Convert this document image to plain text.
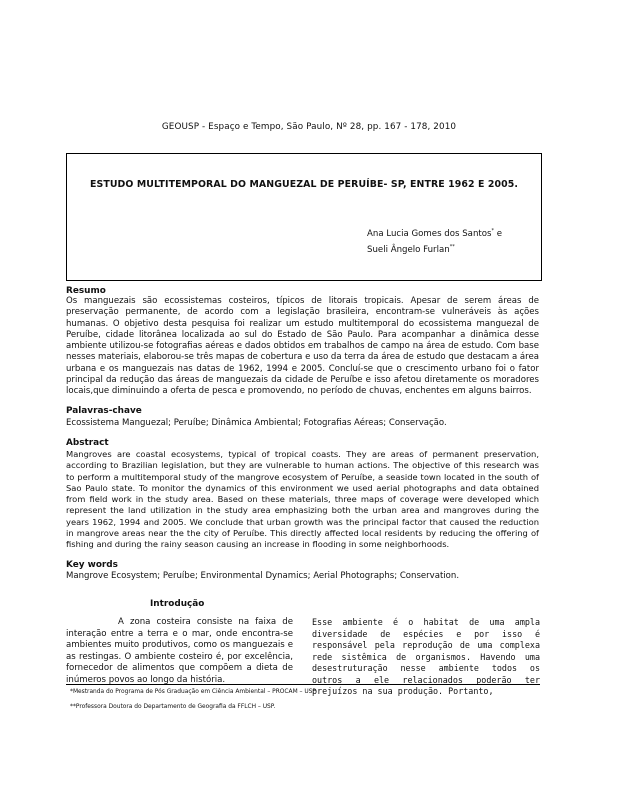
GEOUSP - Espaço e Tempo, São Paulo, Nº 28, pp. 167 - 178, 2010
ESTUDO MULTITEMPORAL DO MANGUEZAL DE PERUÍBE- SP, ENTRE 1962 E 2005.
Ana Lucia Gomes dos Santos* e
Sueli Ângelo Furlan**
Resumo

Os manguezais são ecossistemas costeiros, típicos de litorais tropicais. Apesar de serem áreas de preservação permanente, de acordo com a legislação brasileira, encontram-se vulneráveis às ações humanas. O objetivo desta pesquisa foi realizar um estudo multitemporal do ecossistema manguezal de Peruíbe, cidade litorânea localizada ao sul do Estado de São Paulo. Para acompanhar a dinâmica desse ambiente utilizou-se fotografias aéreas e dados obtidos em trabalhos de campo na área de estudo. Com base nesses materiais, elaborou-se três mapas de cobertura e uso da terra da área de estudo que destacam a área urbana e os manguezais nas datas de 1962, 1994 e 2005. Concluí-se que o crescimento urbano foi o fator principal da redução das áreas de manguezais da cidade de Peruíbe e isso afetou diretamente os moradores locais,que diminuindo a oferta de pesca e promovendo, no período de chuvas, enchentes em alguns bairros.

Palavras-chave

Ecossistema Manguezal; Peruíbe; Dinâmica Ambiental; Fotografias Aéreas; Conservação.

Abstract

Mangroves are coastal ecosystems, typical of tropical coasts. They are areas of permanent preservation, according to Brazilian legislation, but they are vulnerable to human actions. The objective of this research was to perform a multitemporal study of the mangrove ecosystem of Peruíbe, a seaside town located in the south of Sao Paulo state. To monitor the dynamics of this environment we used aerial photographs and data obtained from field work in the study area. Based on these materials, three maps of coverage were developed which represent the land utilization in the study area emphasizing both the urban area and mangroves during the years 1962, 1994 and 2005. We conclude that urban growth was the principal factor that caused the reduction in mangrove areas near the the city of Peruíbe. This directly affected local residents by reducing the offering of fishing and during the rainy season causing an increase in flooding in some neighborhoods.

Key words

Mangrove Ecosystem; Peruíbe; Environmental Dynamics; Aerial Photographs; Conservation.

Introdução

A zona costeira consiste na faixa de interação entre a terra e o mar, onde encontra-se ambientes muito produtivos, como os manguezais e as restingas. O ambiente costeiro é, por excelência, fornecedor de alimentos que compõem a dieta de inúmeros povos ao longo da história.

Esse ambiente é o habitat de uma ampla diversidade de espécies e por isso é responsável pela reprodução de uma complexa rede sistêmica de organismos. Havendo uma desestruturação nesse ambiente todos os outros a ele relacionados poderão ter prejuízos na sua produção. Portanto,

*Mestranda do Programa de Pós Graduação em Ciência Ambiental – PROCAM – USP
**Professora Doutora do Departamento de Geografia da FFLCH – USP.
